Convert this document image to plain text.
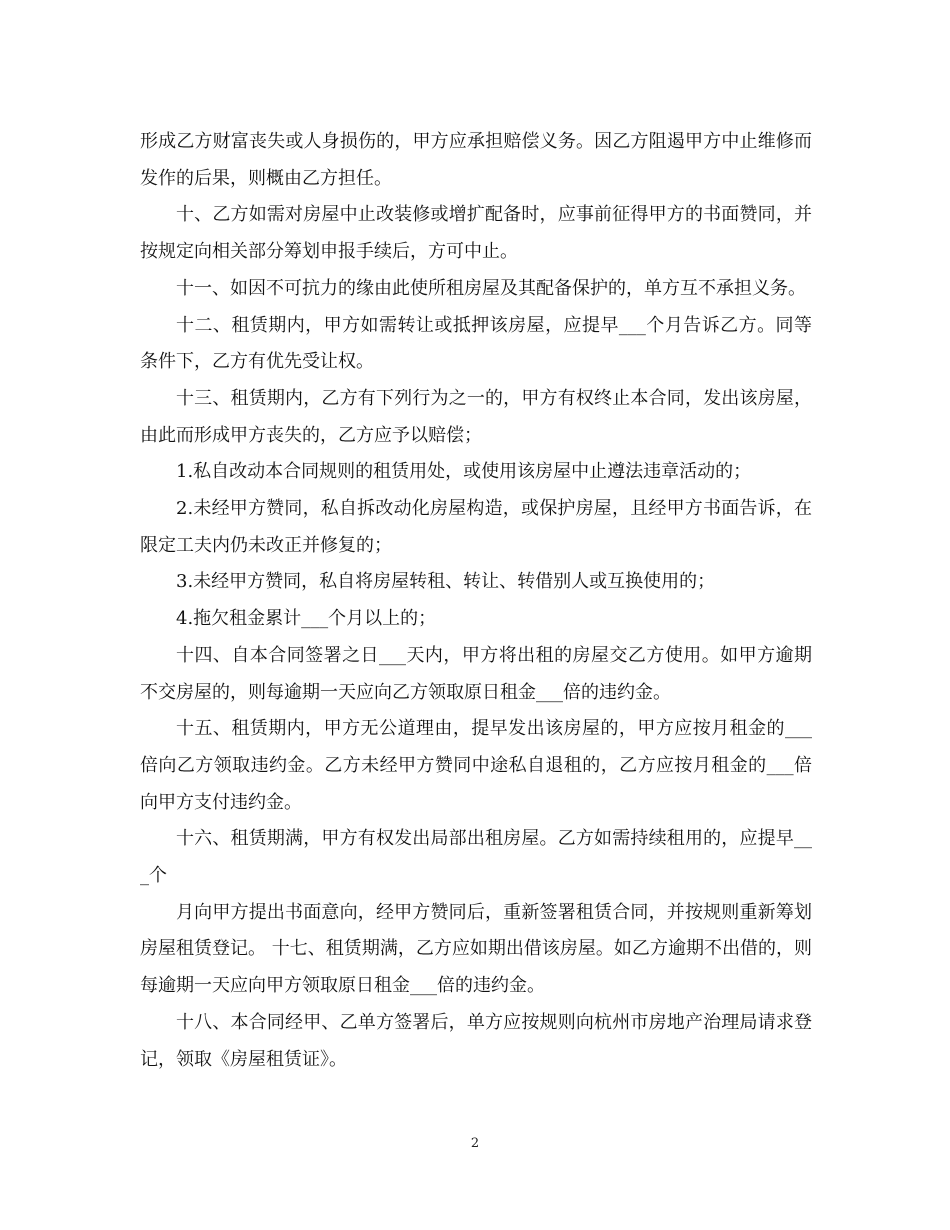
形成乙方财富丧失或人身损伤的，甲方应承担赔偿义务。因乙方阻遏甲方中止维修而发作的后果，则概由乙方担任。

十、乙方如需对房屋中止改装修或增扩配备时，应事前征得甲方的书面赞同，并按规定向相关部分筹划申报手续后，方可中止。

十一、如因不可抗力的缘由此使所租房屋及其配备保护的，单方互不承担义务。

十二、租赁期内，甲方如需转让或抵押该房屋，应提早___个月告诉乙方。同等条件下，乙方有优先受让权。

十三、租赁期内，乙方有下列行为之一的，甲方有权终止本合同，发出该房屋，由此而形成甲方丧失的，乙方应予以赔偿；

1.私自改动本合同规则的租赁用处，或使用该房屋中止遵法违章活动的；

2.未经甲方赞同，私自拆改动化房屋构造，或保护房屋，且经甲方书面告诉，在限定工夫内仍未改正并修复的；

3.未经甲方赞同，私自将房屋转租、转让、转借别人或互换使用的；

4.拖欠租金累计___个月以上的；

十四、自本合同签署之日___天内，甲方将出租的房屋交乙方使用。如甲方逾期不交房屋的，则每逾期一天应向乙方领取原日租金___倍的违约金。

十五、租赁期内，甲方无公道理由，提早发出该房屋的，甲方应按月租金的___倍向乙方领取违约金。乙方未经甲方赞同中途私自退租的，乙方应按月租金的___倍向甲方支付违约金。

十六、租赁期满，甲方有权发出局部出租房屋。乙方如需持续租用的，应提早___个

月向甲方提出书面意向，经甲方赞同后，重新签署租赁合同，并按规则重新筹划房屋租赁登记。 十七、租赁期满，乙方应如期出借该房屋。如乙方逾期不出借的，则每逾期一天应向甲方领取原日租金___倍的违约金。

十八、本合同经甲、乙单方签署后，单方应按规则向杭州市房地产治理局请求登记，领取《房屋租赁证》。

2
